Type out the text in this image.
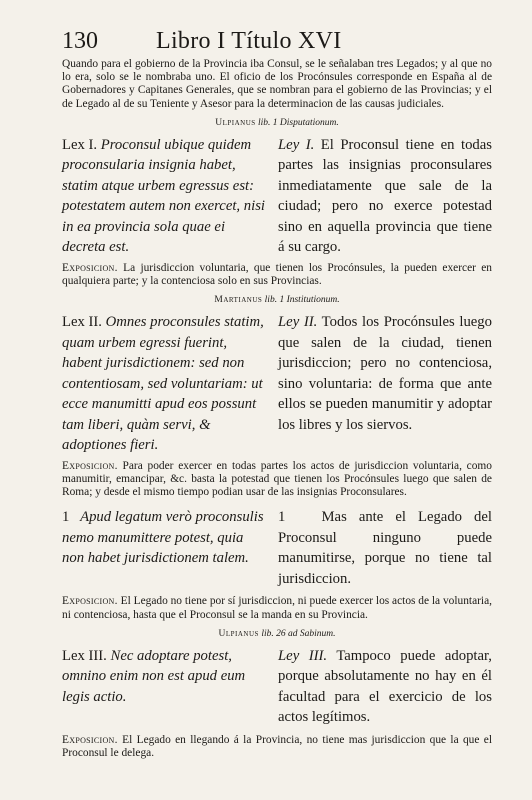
130 Libro I Título XVI

Quando para el gobierno de la Provincia iba Consul, se le señalaban tres Legados; y al que no lo era, solo se le nombraba uno. El oficio de los Procónsules corresponde en España al de Gobernadores y Capitanes Generales, que se nombran para el gobierno de las Provincias; y el de Legado al de su Teniente y Asesor para la determinacion de las causas judiciales.

Ulpianus lib. 1 Disputationum.

Lex I. Proconsul ubique quidem proconsularia insignia habet, statim atque urbem egressus est: potestatem autem non exercet, nisi in ea provincia sola quae ei decreta est.

Ley I. El Proconsul tiene en todas partes las insignias proconsulares inmediatamente que sale de la ciudad; pero no exerce potestad sino en aquella provincia que tiene á su cargo.

Exposicion. La jurisdiccion voluntaria, que tienen los Procónsules, la pueden exercer en qualquiera parte; y la contenciosa solo en sus Provincias.

Martianus lib. 1 Institutionum.

Lex II. Omnes proconsules statim, quam urbem egressi fuerint, habent jurisdictionem: sed non contentiosam, sed voluntariam: ut ecce manumitti apud eos possunt tam liberi, quàm servi, & adoptiones fieri.

Ley II. Todos los Procónsules luego que salen de la ciudad, tienen jurisdiccion; pero no contenciosa, sino voluntaria: de forma que ante ellos se pueden manumitir y adoptar los libres y los siervos.

Exposicion. Para poder exercer en todas partes los actos de jurisdiccion voluntaria, como manumitir, emancipar, &c. basta la potestad que tienen los Procónsules luego que salen de Roma; y desde el mismo tiempo podian usar de las insignias Proconsulares.

1 Apud legatum verò proconsulis nemo manumittere potest, quia non habet jurisdictionem talem.

1 Mas ante el Legado del Proconsul ninguno puede manumitirse, porque no tiene tal jurisdiccion.

Exposicion. El Legado no tiene por sí jurisdiccion, ni puede exercer los actos de la voluntaria, ni contenciosa, hasta que el Proconsul se la manda en su Provincia.

Ulpianus lib. 26 ad Sabinum.

Lex III. Nec adoptare potest, omnino enim non est apud eum legis actio.

Ley III. Tampoco puede adoptar, porque absolutamente no hay en él facultad para el exercicio de los actos legítimos.

Exposicion. El Legado en llegando á la Provincia, no tiene mas jurisdiccion que la que el Proconsul le delega.
